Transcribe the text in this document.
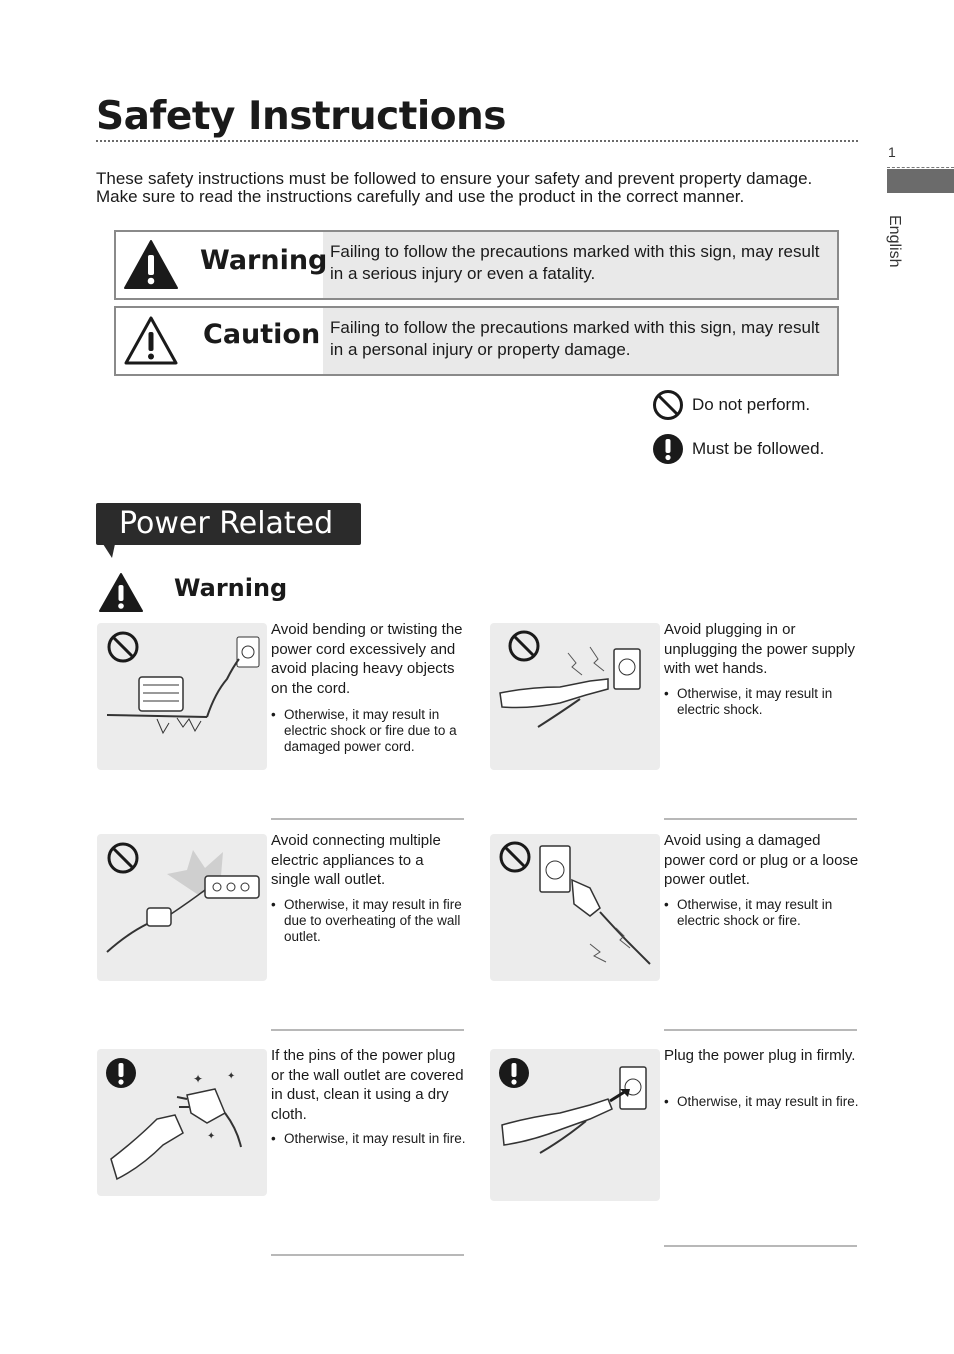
Safety Instructions
1
English
These safety instructions must be followed to ensure your safety and prevent property damage. Make sure to read the instructions carefully and use the product in the correct manner.
Warning Failing to follow the precautions marked with this sign, may result in a serious injury or even a fatality.
Caution Failing to follow the precautions marked with this sign, may result in a personal injury or property damage.
Do not perform.
Must be followed.
Power Related
Warning
Avoid bending or twisting the power cord excessively and avoid placing heavy objects on the cord.
• Otherwise, it may result in electric shock or fire due to a damaged power cord.
Avoid plugging in or unplugging the power supply with wet hands.
• Otherwise, it may result in electric shock.
Avoid connecting multiple electric appliances to a single wall outlet.
• Otherwise, it may result in fire due to overheating of the wall outlet.
Avoid using a damaged power cord or plug or a loose power outlet.
• Otherwise, it may result in electric shock or fire.
✦ ✦
✦
If the pins of the power plug or the wall outlet are covered in dust, clean it using a dry cloth.
• Otherwise, it may result in fire.
Plug the power plug in firmly.
• Otherwise, it may result in fire.
